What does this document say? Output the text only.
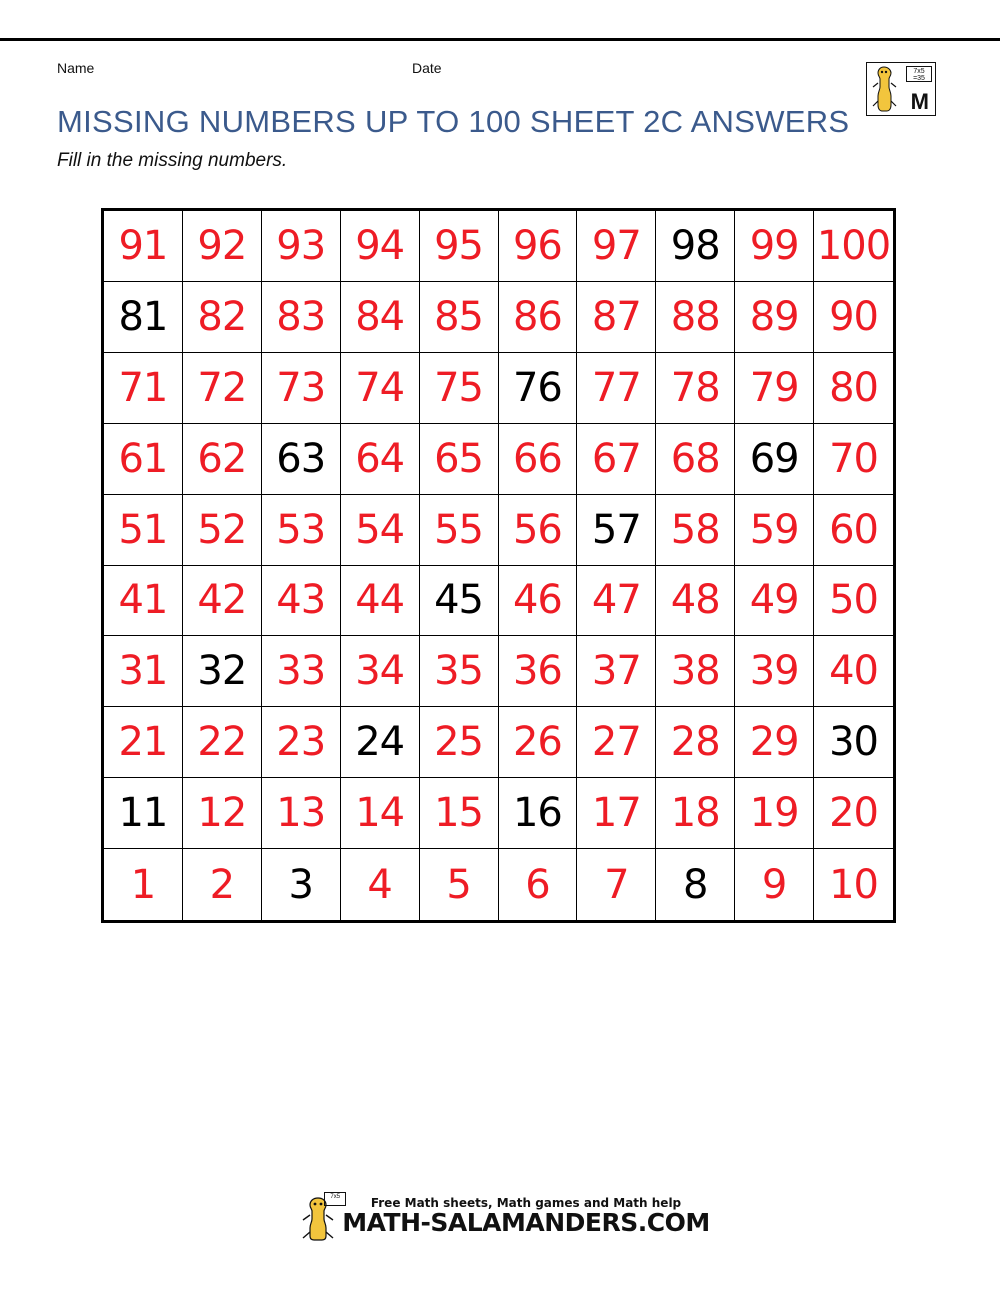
Name	Date	7x5 =35
M
MISSING NUMBERS UP TO 100 SHEET 2C ANSWERS
Fill in the missing numbers.
91 92 93 94 95 96 97 98 99 100
81 82 83 84 85 86 87 88 89 90
71 72 73 74 75 76 77 78 79 80
61 62 63 64 65 66 67 68 69 70
51 52 53 54 55 56 57 58 59 60
41 42 43 44 45 46 47 48 49 50
31 32 33 34 35 36 37 38 39 40
21 22 23 24 25 26 27 28 29 30
11 12 13 14 15 16 17 18 19 20
1	2	3	4	5	6	7	8	9	10
7x5	Free Math sheets, Math games and Math help
MATH-SALAMANDERS.COM
